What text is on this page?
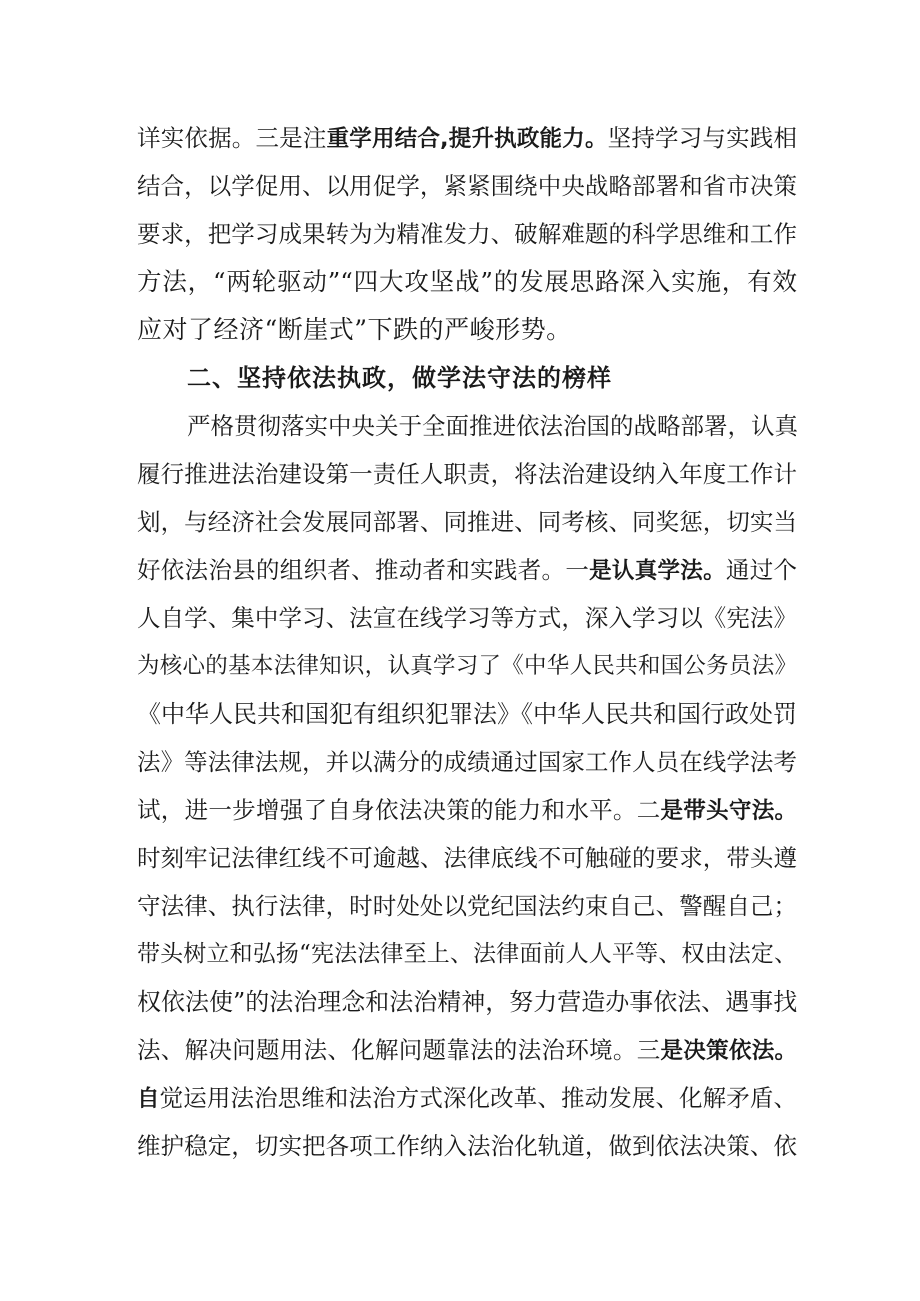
详实依据。三是注重学用结合,提升执政能力。坚持学习与实践相
结合，以学促用、以用促学，紧紧围绕中央战略部署和省市决策
要求，把学习成果转为为精准发力、破解难题的科学思维和工作
方法，“两轮驱动”“四大攻坚战”的发展思路深入实施，有效
应对了经济“断崖式”下跌的严峻形势。
二、坚持依法执政，做学法守法的榜样
严格贯彻落实中央关于全面推进依法治国的战略部署，认真
履行推进法治建设第一责任人职责，将法治建设纳入年度工作计
划，与经济社会发展同部署、同推进、同考核、同奖惩，切实当
好依法治县的组织者、推动者和实践者。一是认真学法。通过个
人自学、集中学习、法宣在线学习等方式，深入学习以《宪法》
为核心的基本法律知识，认真学习了《中华人民共和国公务员法》
《中华人民共和国犯有组织犯罪法》《中华人民共和国行政处罚
法》等法律法规，并以满分的成绩通过国家工作人员在线学法考
试，进一步增强了自身依法决策的能力和水平。二是带头守法。
时刻牢记法律红线不可逾越、法律底线不可触碰的要求，带头遵
守法律、执行法律，时时处处以党纪国法约束自己、警醒自己；
带头树立和弘扬“宪法法律至上、法律面前人人平等、权由法定、
权依法使”的法治理念和法治精神，努力营造办事依法、遇事找
法、解决问题用法、化解问题靠法的法治环境。三是决策依法。
自觉运用法治思维和法治方式深化改革、推动发展、化解矛盾、
维护稳定，切实把各项工作纳入法治化轨道，做到依法决策、依
